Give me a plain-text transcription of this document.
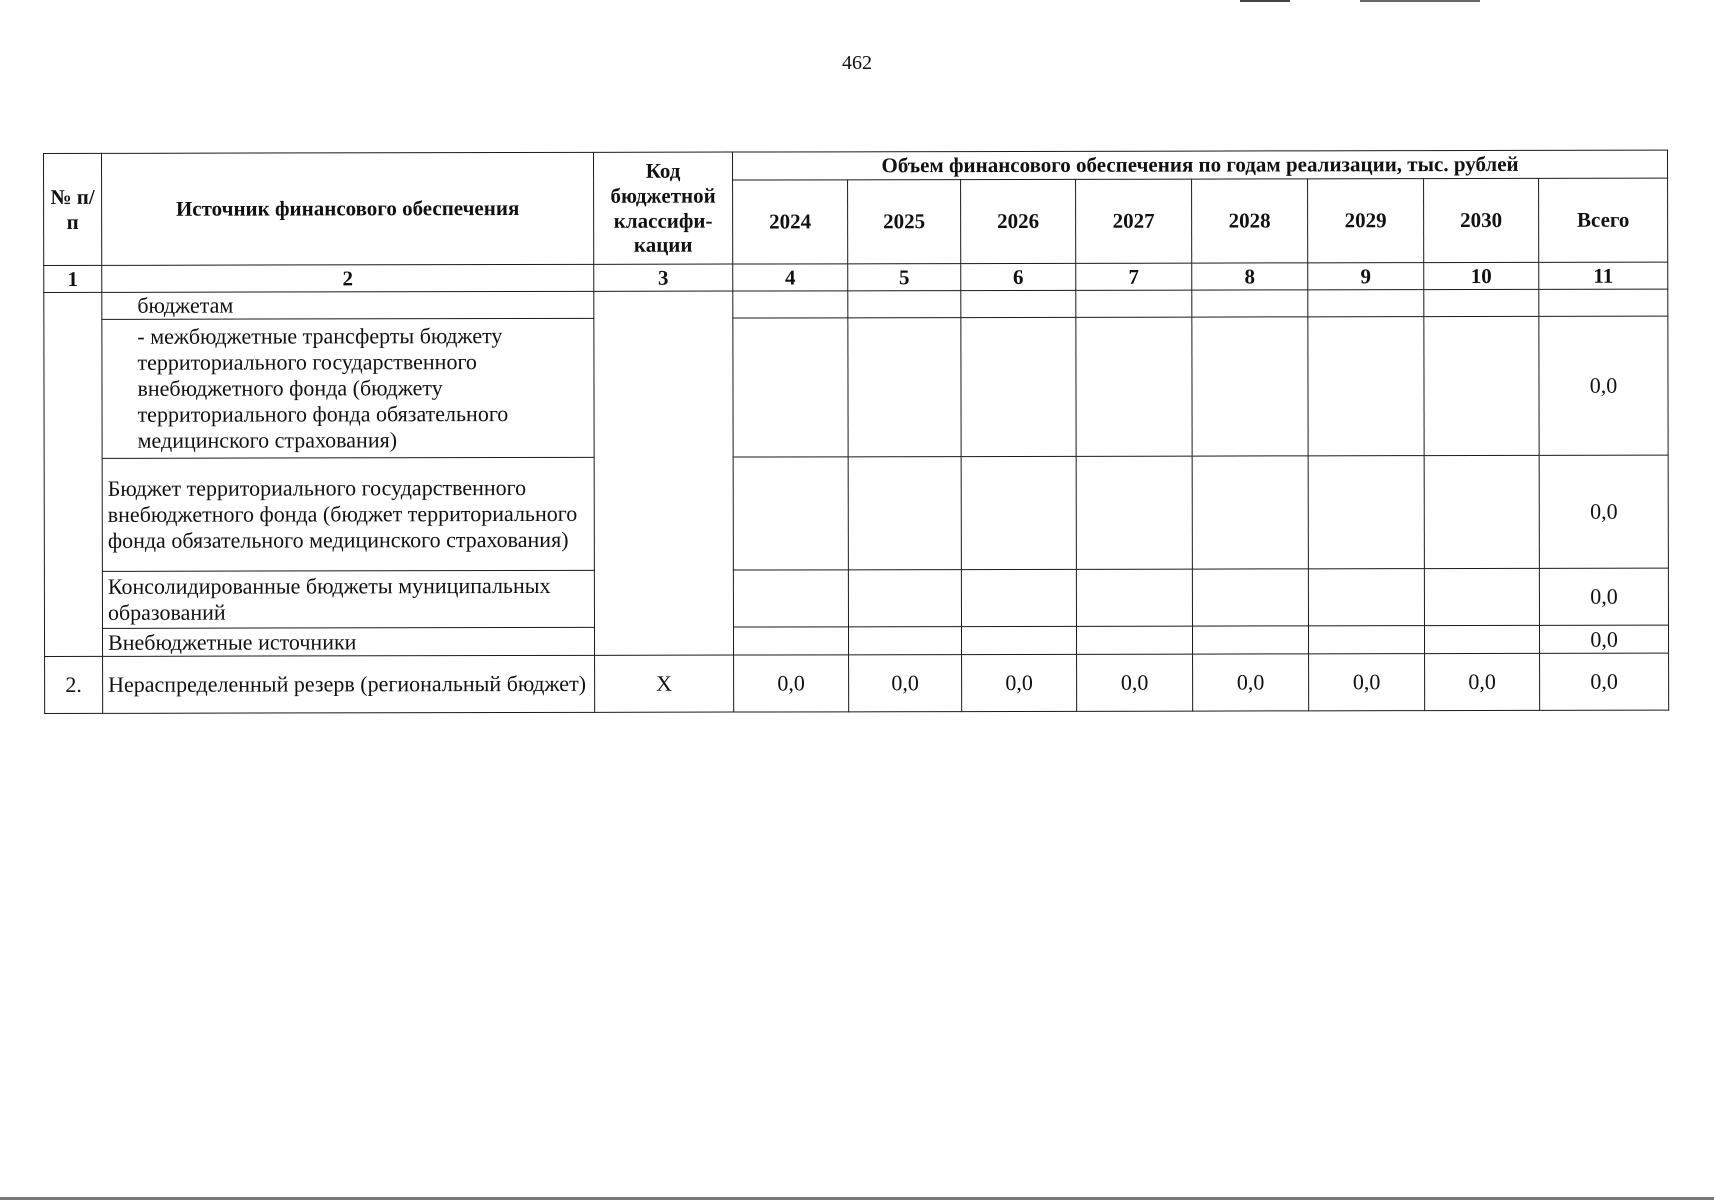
462
№ п/п	Источник финансового обеспечения	Код бюджетной классифи-кации	Объем финансового обеспечения по годам реализации, тыс. рублей							
			2024	2025	2026	2027	2028	2029	2030	Всего
1	2	3	4	5	6	7	8	9	10	11
	бюджетам									
	- межбюджетные трансферты бюджету территориального государственного внебюджетного фонда (бюджету территориального фонда обязательного медицинского страхования)									0,0
	Бюджет территориального государственного внебюджетного фонда (бюджет территориального фонда обязательного медицинского страхования)									0,0
	Консолидированные бюджеты муниципальных образований									0,0
	Внебюджетные источники									0,0
2.	Нераспределенный резерв (региональный бюджет)	Х	0,0	0,0	0,0	0,0	0,0	0,0	0,0	0,0
